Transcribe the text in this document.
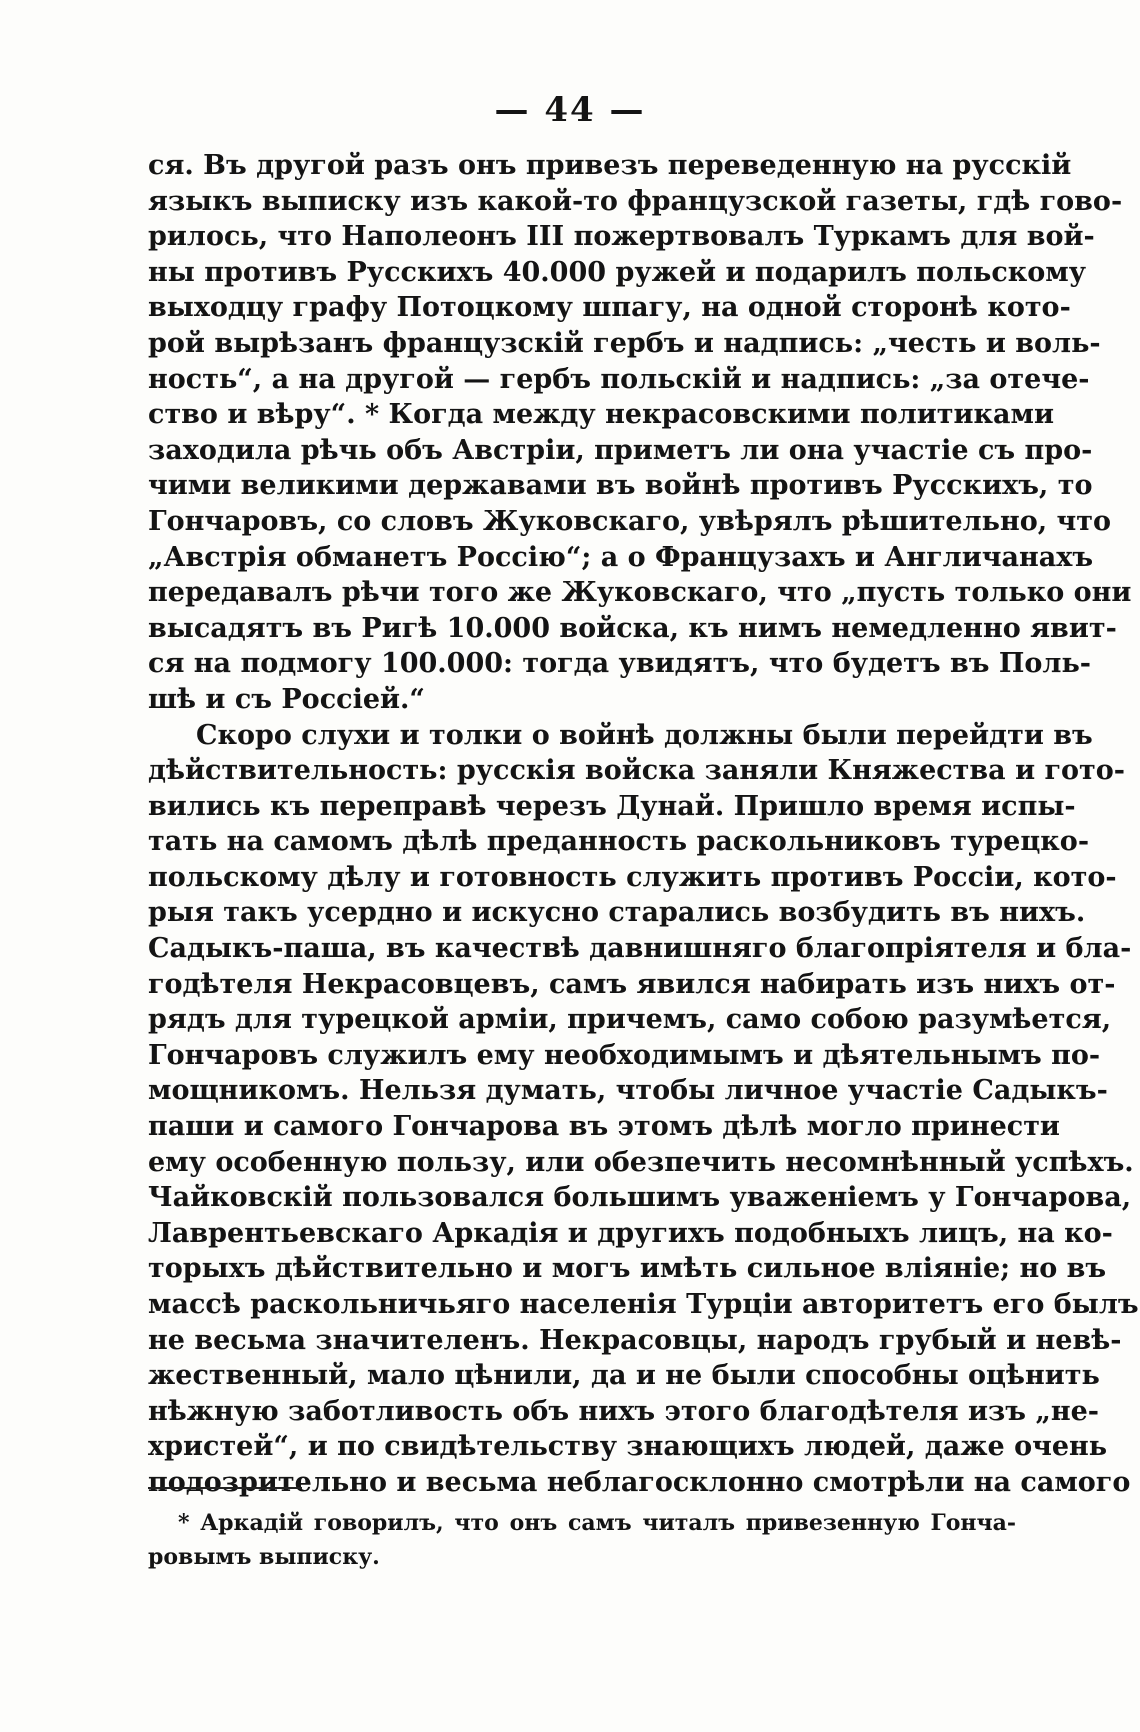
— 44 —
ся. Въ другой разъ онъ привезъ переведенную на русскій
языкъ выписку изъ какой-то французской газеты, гдѣ гово-
рилось, что Наполеонъ III пожертвовалъ Туркамъ для вой-
ны противъ Русскихъ 40.000 ружей и подарилъ польскому
выходцу графу Потоцкому шпагу, на одной сторонѣ кото-
рой вырѣзанъ французскій гербъ и надпись: „честь и воль-
ность“, а на другой — гербъ польскій и надпись: „за отече-
ство и вѣру“. * Когда между некрасовскими политиками
заходила рѣчь объ Австріи, приметъ ли она участіе съ про-
чими великими державами въ войнѣ противъ Русскихъ, то
Гончаровъ, со словъ Жуковскаго, увѣрялъ рѣшительно, что
„Австрія обманетъ Россію“; а о Французахъ и Англичанахъ
передавалъ рѣчи того же Жуковскаго, что „пусть только они
высадятъ въ Ригѣ 10.000 войска, къ нимъ немедленно явит-
ся на подмогу 100.000: тогда увидятъ, что будетъ въ Поль-
шѣ и съ Россіей.“
Скоро слухи и толки о войнѣ должны были перейдти въ
дѣйствительность: русскія войска заняли Княжества и гото-
вились къ переправѣ черезъ Дунай. Пришло время испы-
тать на самомъ дѣлѣ преданность раскольниковъ турецко-
польскому дѣлу и готовность служить противъ Россіи, кото-
рыя такъ усердно и искусно старались возбудить въ нихъ.
Садыкъ-паша, въ качествѣ давнишняго благопріятеля и бла-
годѣтеля Некрасовцевъ, самъ явился набирать изъ нихъ от-
рядъ для турецкой арміи, причемъ, само собою разумѣется,
Гончаровъ служилъ ему необходимымъ и дѣятельнымъ по-
мощникомъ. Нельзя думать, чтобы личное участіе Садыкъ-
паши и самого Гончарова въ этомъ дѣлѣ могло принести
ему особенную пользу, или обезпечить несомнѣнный успѣхъ.
Чайковскій пользовался большимъ уваженіемъ у Гончарова,
Лаврентьевскаго Аркадія и другихъ подобныхъ лицъ, на ко-
торыхъ дѣйствительно и могъ имѣть сильное вліяніе; но въ
массѣ раскольничьяго населенія Турціи авторитетъ его былъ
не весьма значителенъ. Некрасовцы, народъ грубый и невѣ-
жественный, мало цѣнили, да и не были способны оцѣнить
нѣжную заботливость объ нихъ этого благодѣтеля изъ „не-
христей“, и по свидѣтельству знающихъ людей, даже очень
подозрительно и весьма неблагосклонно смотрѣли на самого
* Аркадій говорилъ, что онъ самъ читалъ привезенную Гонча-
ровымъ выписку.
